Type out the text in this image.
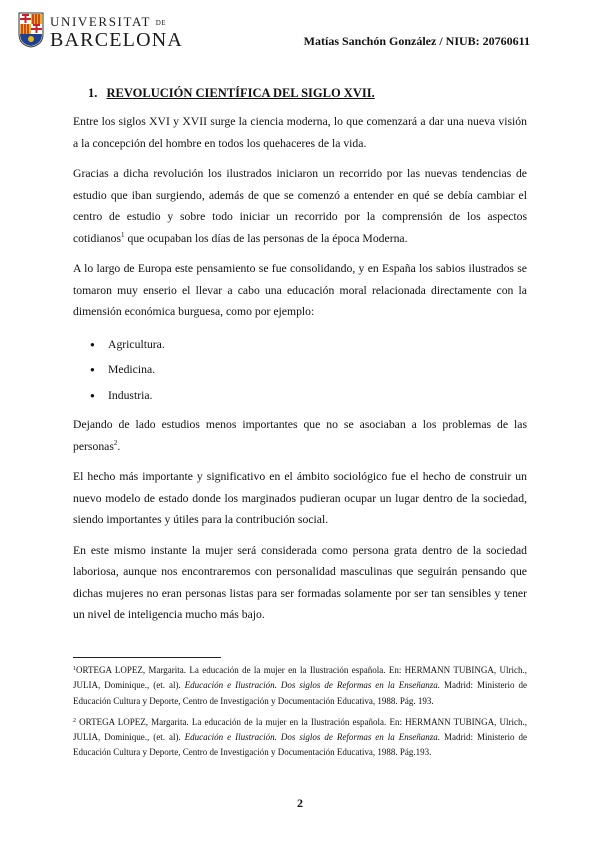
UNIVERSITAT DE
BARCELONA	Matías Sanchón González / NIUB: 20760611
1. REVOLUCIÓN CIENTÍFICA DEL SIGLO XVII.

Entre los siglos XVI y XVII surge la ciencia moderna, lo que comenzará a dar una nueva visión a la concepción del hombre en todos los quehaceres de la vida.

Gracias a dicha revolución los ilustrados iniciaron un recorrido por las nuevas tendencias de estudio que iban surgiendo, además de que se comenzó a entender en qué se debía cambiar el centro de estudio y sobre todo iniciar un recorrido por la comprensión de los aspectos cotidianos$^1$ que ocupaban los días de las personas de la época Moderna.

A lo largo de Europa este pensamiento se fue consolidando, y en España los sabios ilustrados se tomaron muy enserio el llevar a cabo una educación moral relacionada directamente con la dimensión económica burguesa, como por ejemplo:

● Agricultura.
● Medicina.
● Industria.

Dejando de lado estudios menos importantes que no se asociaban a los problemas de las personas$^2$.

El hecho más importante y significativo en el ámbito sociológico fue el hecho de construir un nuevo modelo de estado donde los marginados pudieran ocupar un lugar dentro de la sociedad, siendo importantes y útiles para la contribución social.

En este mismo instante la mujer será considerada como persona grata dentro de la sociedad laboriosa, aunque nos encontraremos con personalidad masculinas que seguirán pensando que dichas mujeres no eran personas listas para ser formadas solamente por ser tan sensibles y tener un nivel de inteligencia mucho más bajo.

$^1$ORTEGA LOPEZ, Margarita. La educación de la mujer en la Ilustración española. En: HERMANN TUBINGA, Ulrich., JULIA, Dominique., (et. al). Educación e Ilustración. Dos siglos de Reformas en la Enseñanza. Madrid: Ministerio de Educación Cultura y Deporte, Centro de Investigación y Documentación Educativa, 1988. Pág. 193.

$^2$ ORTEGA LOPEZ, Margarita. La educación de la mujer en la Ilustración española. En: HERMANN TUBINGA, Ulrich., JULIA, Dominique., (et. al). Educación e Ilustración. Dos siglos de Reformas en la Enseñanza. Madrid: Ministerio de Educación Cultura y Deporte, Centro de Investigación y Documentación Educativa, 1988. Pág.193.

2
